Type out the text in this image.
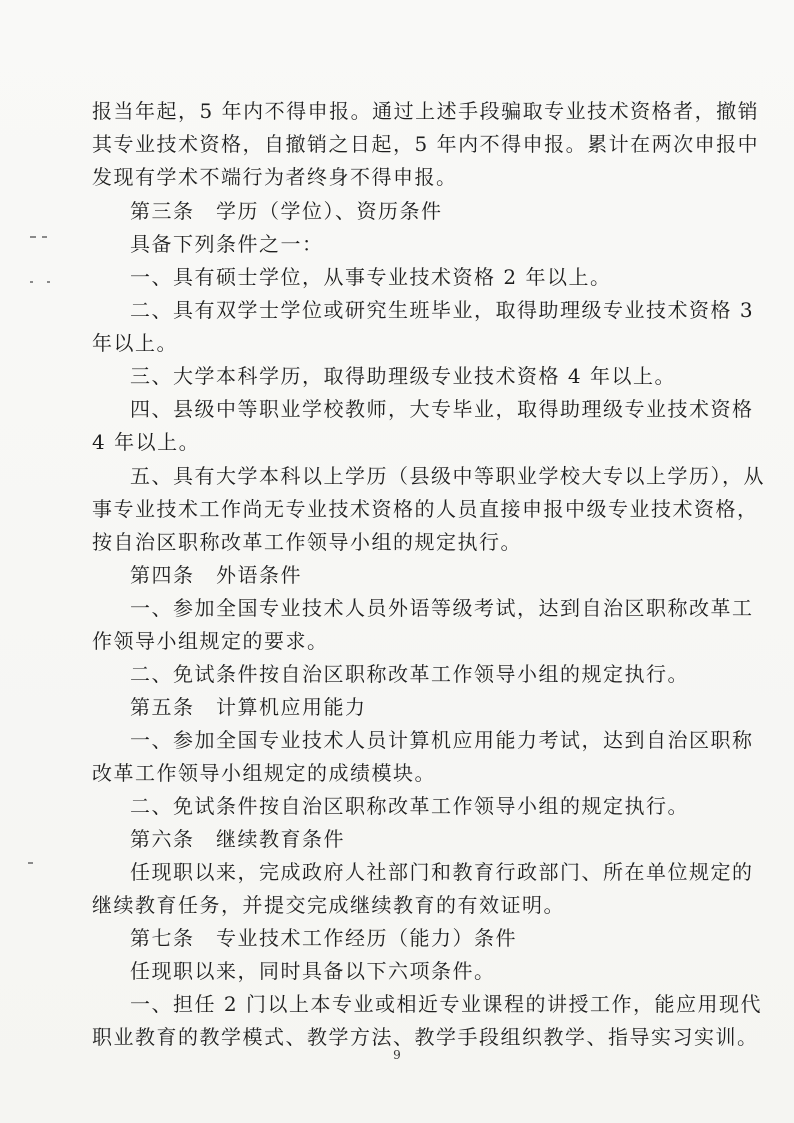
报当年起，5 年内不得申报。通过上述手段骗取专业技术资格者，撤销
其专业技术资格，自撤销之日起，5 年内不得申报。累计在两次申报中
发现有学术不端行为者终身不得申报。
第三条　学历（学位）、资历条件
具备下列条件之一：
一、具有硕士学位，从事专业技术资格 2 年以上。
二、具有双学士学位或研究生班毕业，取得助理级专业技术资格 3
年以上。
三、大学本科学历，取得助理级专业技术资格 4 年以上。
四、县级中等职业学校教师，大专毕业，取得助理级专业技术资格
4 年以上。
五、具有大学本科以上学历（县级中等职业学校大专以上学历），从
事专业技术工作尚无专业技术资格的人员直接申报中级专业技术资格，
按自治区职称改革工作领导小组的规定执行。
第四条　外语条件
一、参加全国专业技术人员外语等级考试，达到自治区职称改革工
作领导小组规定的要求。
二、免试条件按自治区职称改革工作领导小组的规定执行。
第五条　计算机应用能力
一、参加全国专业技术人员计算机应用能力考试，达到自治区职称
改革工作领导小组规定的成绩模块。
二、免试条件按自治区职称改革工作领导小组的规定执行。
第六条　继续教育条件
任现职以来，完成政府人社部门和教育行政部门、所在单位规定的
继续教育任务，并提交完成继续教育的有效证明。
第七条　专业技术工作经历（能力）条件
任现职以来，同时具备以下六项条件。
一、担任 2 门以上本专业或相近专业课程的讲授工作，能应用现代
职业教育的教学模式、教学方法、教学手段组织教学、指导实习实训。
9
